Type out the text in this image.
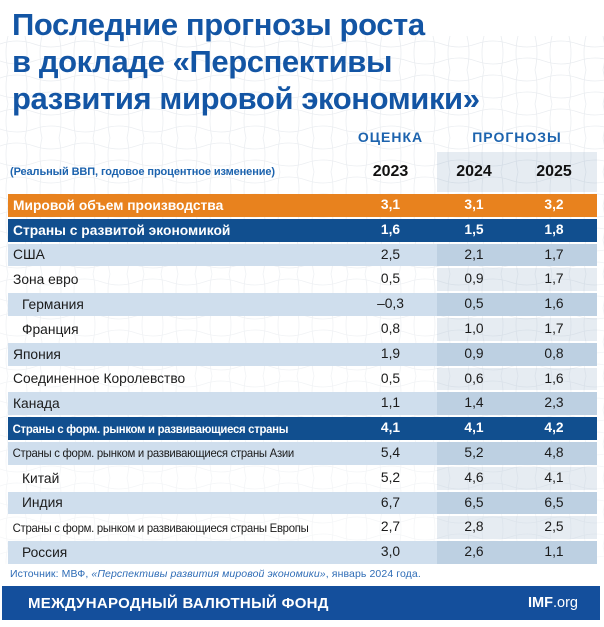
Последние прогнозы роста
в докладе «Перспективы
развития мировой экономики»
ОЦЕНКА	ПРОГНОЗЫ
(Реальный ВВП, годовое процентное изменение)	2023	2024	2025
Мировой объем производства	3,1	3,1	3,2
Страны с развитой экономикой	1,6	1,5	1,8
США	2,5	2,1	1,7
Зона евро	0,5	0,9	1,7
Германия	–0,3	0,5	1,6
Франция	0,8	1,0	1,7
Япония	1,9	0,9	0,8
Соединенное Королевство	0,5	0,6	1,6
Канада	1,1	1,4	2,3
Страны с форм. рынком и развивающиеся страны	4,1	4,1	4,2
Страны с форм. рынком и развивающиеся страны Азии	5,4	5,2	4,8
Китай	5,2	4,6	4,1
Индия	6,7	6,5	6,5
Страны с форм. рынком и развивающиеся страны Европы	2,7	2,8	2,5
Россия	3,0	2,6	1,1
Источник: МВФ, «Перспективы развития мировой экономики», январь 2024 года.
МЕЖДУНАРОДНЫЙ ВАЛЮТНЫЙ ФОНД	IMF.org
